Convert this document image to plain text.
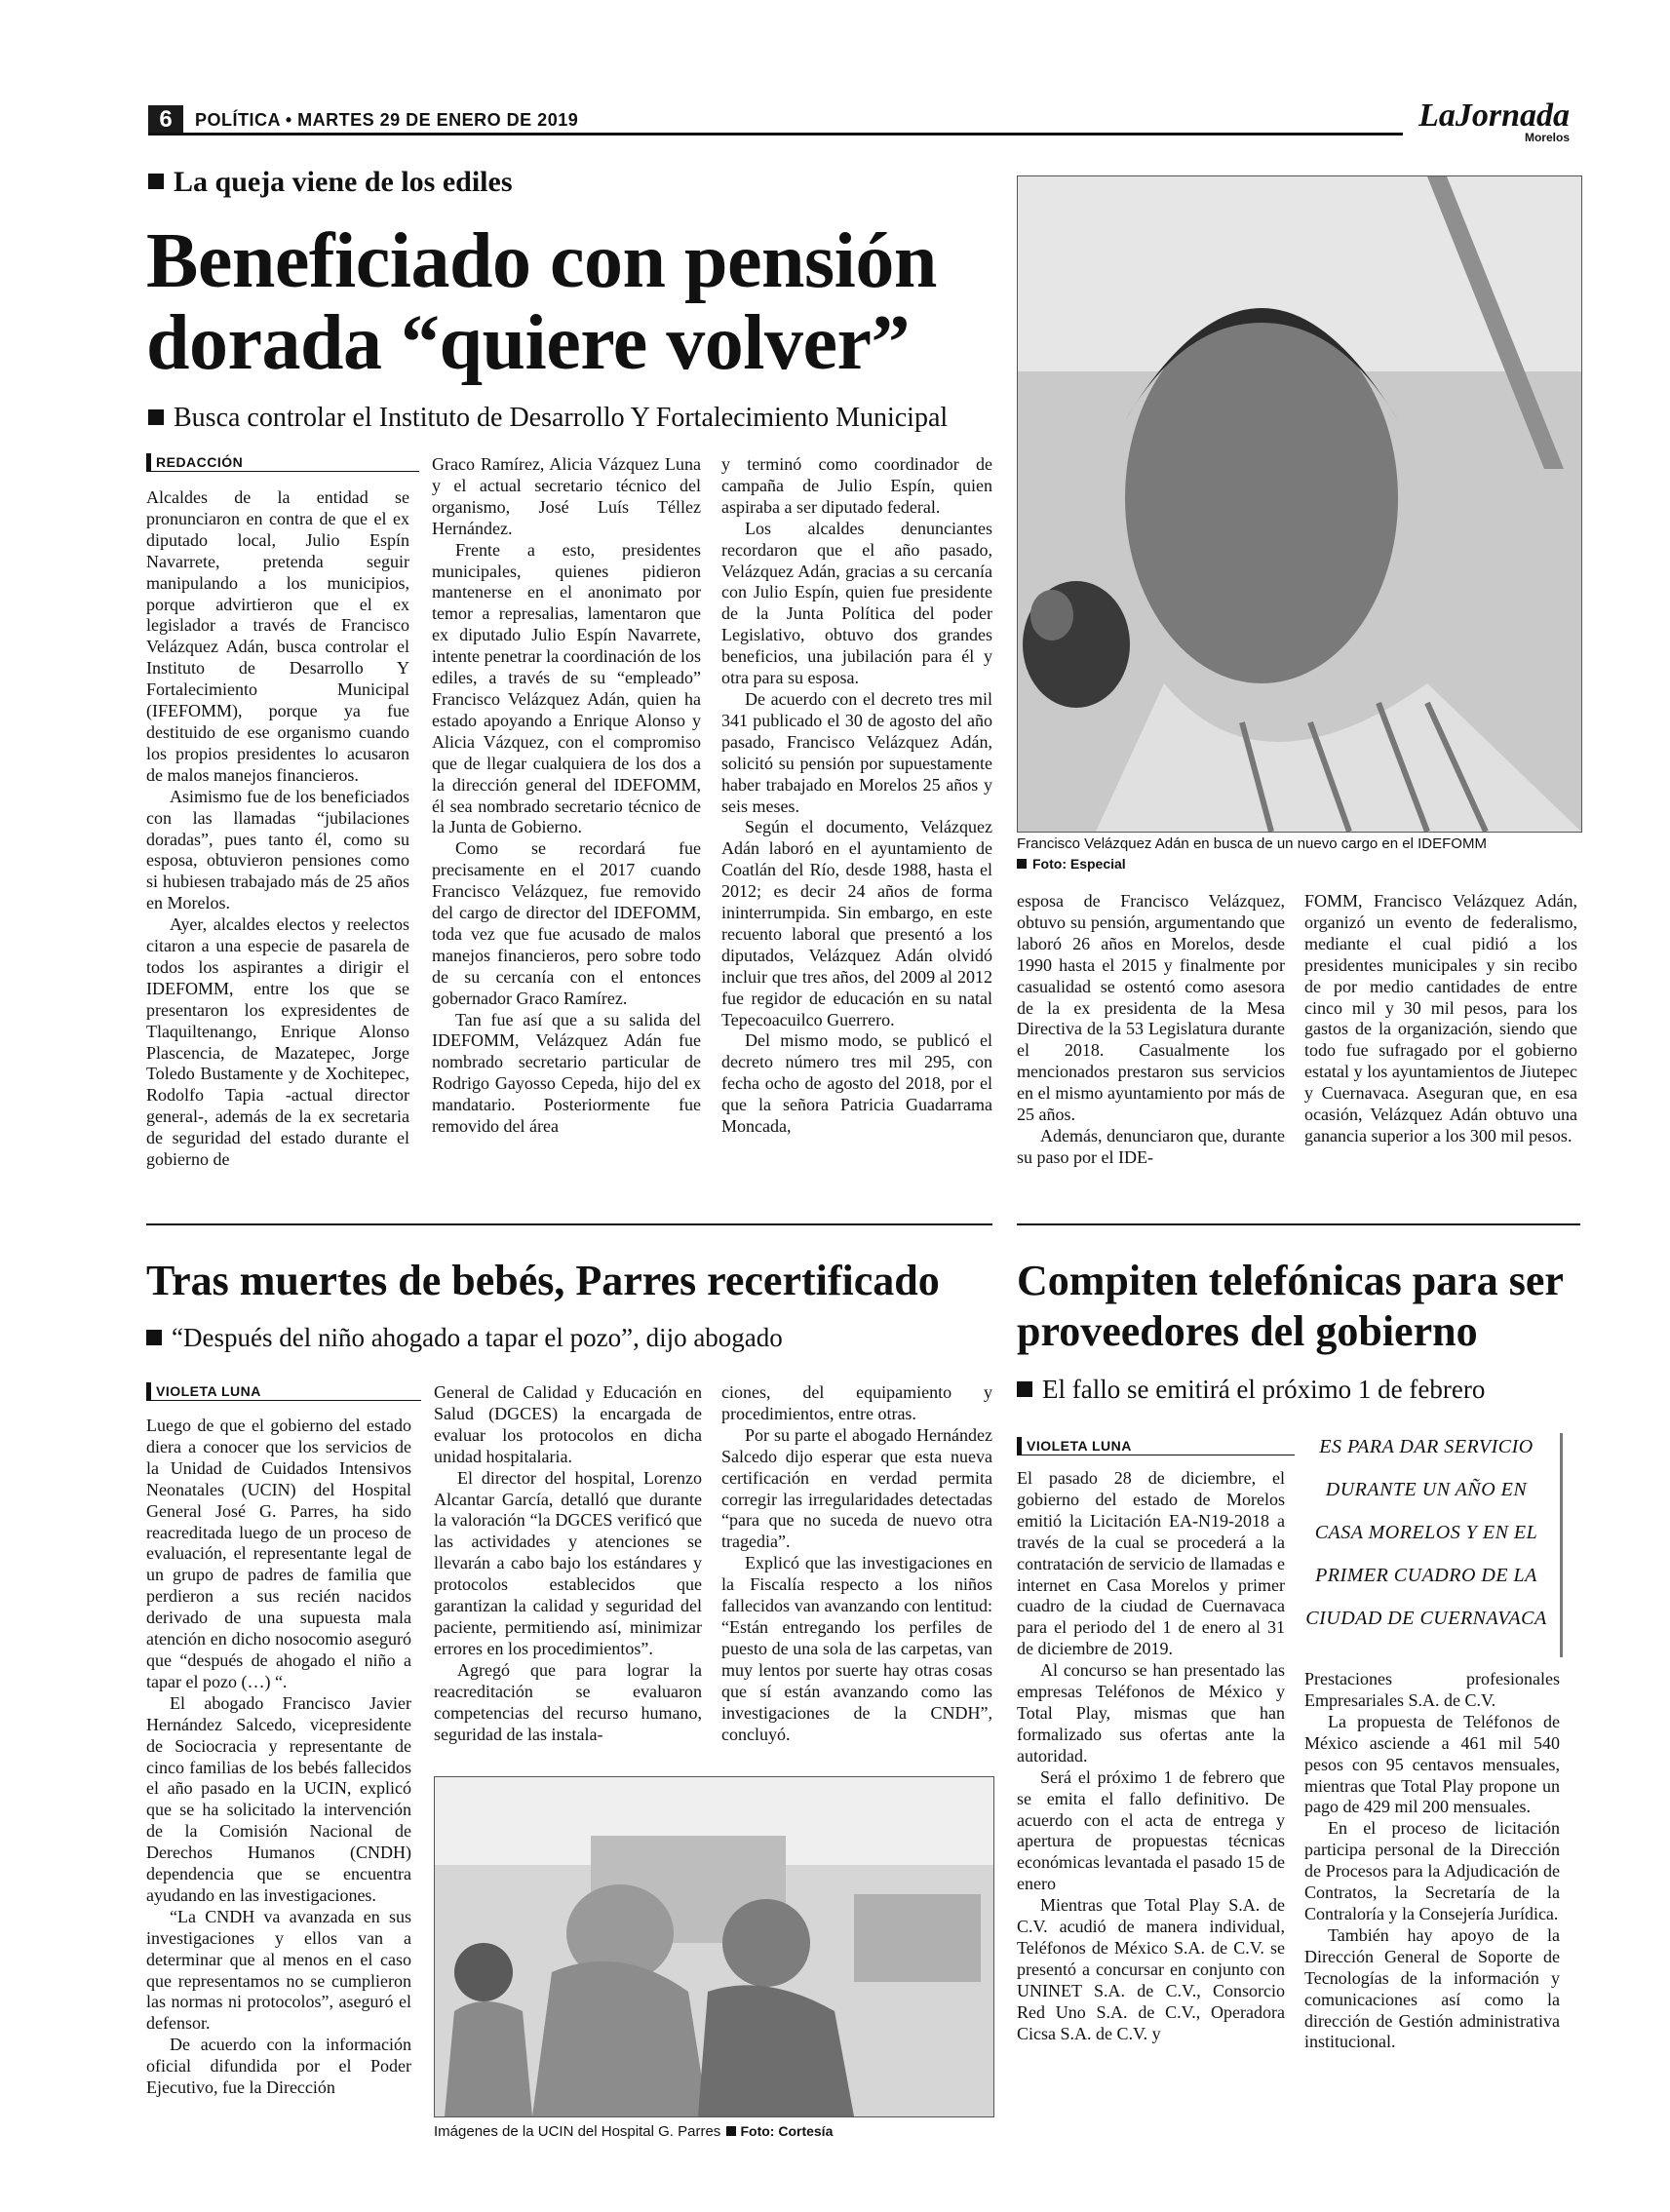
6	POLÍTICA • MARTES 29 DE ENERO DE 2019	LaJornada
Morelos
La queja viene de los ediles
Beneficiado con pensión dorada “quiere volver”
Busca controlar el Instituto de Desarrollo Y Fortalecimiento Municipal
Francisco Velázquez Adán en busca de un nuevo cargo en el IDEFOMM
Foto: Especial
REDACCIÓN

Alcaldes de la entidad se pronunciaron en contra de que el ex diputado local, Julio Espín Navarrete, pretenda seguir manipulando a los municipios, porque advirtieron que el ex legislador a través de Francisco Velázquez Adán, busca controlar el Instituto de Desarrollo Y Fortalecimiento Municipal (IFEFOMM), porque ya fue destituido de ese organismo cuando los propios presidentes lo acusaron de malos manejos financieros.

Asimismo fue de los beneficiados con las llamadas “jubilaciones doradas”, pues tanto él, como su esposa, obtuvieron pensiones como si hubiesen trabajado más de 25 años en Morelos.

Ayer, alcaldes electos y reelectos citaron a una especie de pasarela de todos los aspirantes a dirigir el IDEFOMM, entre los que se presentaron los expresidentes de Tlaquiltenango, Enrique Alonso Plascencia, de Mazatepec, Jorge Toledo Bustamente y de Xochitepec, Rodolfo Tapia -actual director general-, además de la ex secretaria de seguridad del estado durante el gobierno de

Graco Ramírez, Alicia Vázquez Luna y el actual secretario técnico del organismo, José Luís Téllez Hernández.

Frente a esto, presidentes municipales, quienes pidieron mantenerse en el anonimato por temor a represalias, lamentaron que ex diputado Julio Espín Navarrete, intente penetrar la coordinación de los ediles, a través de su “empleado” Francisco Velázquez Adán, quien ha estado apoyando a Enrique Alonso y Alicia Vázquez, con el compromiso que de llegar cualquiera de los dos a la dirección general del IDEFOMM, él sea nombrado secretario técnico de la Junta de Gobierno.

Como se recordará fue precisamente en el 2017 cuando Francisco Velázquez, fue removido del cargo de director del IDEFOMM, toda vez que fue acusado de malos manejos financieros, pero sobre todo de su cercanía con el entonces gobernador Graco Ramírez.

Tan fue así que a su salida del IDEFOMM, Velázquez Adán fue nombrado secretario particular de Rodrigo Gayosso Cepeda, hijo del ex mandatario. Posteriormente fue removido del área

y terminó como coordinador de campaña de Julio Espín, quien aspiraba a ser diputado federal.

Los alcaldes denunciantes recordaron que el año pasado, Velázquez Adán, gracias a su cercanía con Julio Espín, quien fue presidente de la Junta Política del poder Legislativo, obtuvo dos grandes beneficios, una jubilación para él y otra para su esposa.

De acuerdo con el decreto tres mil 341 publicado el 30 de agosto del año pasado, Francisco Velázquez Adán, solicitó su pensión por supuestamente haber trabajado en Morelos 25 años y seis meses.

Según el documento, Velázquez Adán laboró en el ayuntamiento de Coatlán del Río, desde 1988, hasta el 2012; es decir 24 años de forma ininterrumpida. Sin embargo, en este recuento laboral que presentó a los diputados, Velázquez Adán olvidó incluir que tres años, del 2009 al 2012 fue regidor de educación en su natal Tepecoacuilco Guerrero.

Del mismo modo, se publicó el decreto número tres mil 295, con fecha ocho de agosto del 2018, por el que la señora Patricia Guadarrama Moncada,

esposa de Francisco Velázquez, obtuvo su pensión, argumentando que laboró 26 años en Morelos, desde 1990 hasta el 2015 y finalmente por casualidad se ostentó como asesora de la ex presidenta de la Mesa Directiva de la 53 Legislatura durante el 2018. Casualmente los mencionados prestaron sus servicios en el mismo ayuntamiento por más de 25 años.

Además, denunciaron que, durante su paso por el IDE-

FOMM, Francisco Velázquez Adán, organizó un evento de federalismo, mediante el cual pidió a los presidentes municipales y sin recibo de por medio cantidades de entre cinco mil y 30 mil pesos, para los gastos de la organización, siendo que todo fue sufragado por el gobierno estatal y los ayuntamientos de Jiutepec y Cuernavaca. Aseguran que, en esa ocasión, Velázquez Adán obtuvo una ganancia superior a los 300 mil pesos.

Tras muertes de bebés, Parres recertificado
“Después del niño ahogado a tapar el pozo”, dijo abogado
VIOLETA LUNA

Luego de que el gobierno del estado diera a conocer que los servicios de la Unidad de Cuidados Intensivos Neonatales (UCIN) del Hospital General José G. Parres, ha sido reacreditada luego de un proceso de evaluación, el representante legal de un grupo de padres de familia que perdieron a sus recién nacidos derivado de una supuesta mala atención en dicho nosocomio aseguró que “después de ahogado el niño a tapar el pozo (…) “.

El abogado Francisco Javier Hernández Salcedo, vicepresidente de Sociocracia y representante de cinco familias de los bebés fallecidos el año pasado en la UCIN, explicó que se ha solicitado la intervención de la Comisión Nacional de Derechos Humanos (CNDH) dependencia que se encuentra ayudando en las investigaciones.

“La CNDH va avanzada en sus investigaciones y ellos van a determinar que al menos en el caso que representamos no se cumplieron las normas ni protocolos”, aseguró el defensor.

De acuerdo con la información oficial difundida por el Poder Ejecutivo, fue la Dirección

General de Calidad y Educación en Salud (DGCES) la encargada de evaluar los protocolos en dicha unidad hospitalaria.

El director del hospital, Lorenzo Alcantar García, detalló que durante la valoración “la DGCES verificó que las actividades y atenciones se llevarán a cabo bajo los estándares y protocolos establecidos que garantizan la calidad y seguridad del paciente, permitiendo así, minimizar errores en los procedimientos”.

Agregó que para lograr la reacreditación se evaluaron competencias del recurso humano, seguridad de las instala-

ciones, del equipamiento y procedimientos, entre otras.

Por su parte el abogado Hernández Salcedo dijo esperar que esta nueva certificación en verdad permita corregir las irregularidades detectadas “para que no suceda de nuevo otra tragedia”.

Explicó que las investigaciones en la Fiscalía respecto a los niños fallecidos van avanzando con lentitud: “Están entregando los perfiles de puesto de una sola de las carpetas, van muy lentos por suerte hay otras cosas que sí están avanzando como las investigaciones de la CNDH”, concluyó.

Imágenes de la UCIN del Hospital G. Parres Foto: Cortesía
Compiten telefónicas para ser proveedores del gobierno
El fallo se emitirá el próximo 1 de febrero
VIOLETA LUNA	ES PARA DAR SERVICIO
DURANTE UN AÑO EN
CASA MORELOS Y EN EL
PRIMER CUADRO DE LA
CIUDAD DE CUERNAVACA

El pasado 28 de diciembre, el gobierno del estado de Morelos emitió la Licitación EA-N19-2018 a través de la cual se procederá a la contratación de servicio de llamadas e internet en Casa Morelos y primer cuadro de la ciudad de Cuernavaca para el periodo del 1 de enero al 31 de diciembre de 2019.

Al concurso se han presentado las empresas Teléfonos de México y Total Play, mismas que han formalizado sus ofertas ante la autoridad.

Será el próximo 1 de febrero que se emita el fallo definitivo. De acuerdo con el acta de entrega y apertura de propuestas técnicas económicas levantada el pasado 15 de enero

Mientras que Total Play S.A. de C.V. acudió de manera individual, Teléfonos de México S.A. de C.V. se presentó a concursar en conjunto con UNINET S.A. de C.V., Consorcio Red Uno S.A. de C.V., Operadora Cicsa S.A. de C.V. y

Prestaciones profesionales Empresariales S.A. de C.V.

La propuesta de Teléfonos de México asciende a 461 mil 540 pesos con 95 centavos mensuales, mientras que Total Play propone un pago de 429 mil 200 mensuales.

En el proceso de licitación participa personal de la Dirección de Procesos para la Adjudicación de Contratos, la Secretaría de la Contraloría y la Consejería Jurídica.

También hay apoyo de la Dirección General de Soporte de Tecnologías de la información y comunicaciones así como la dirección de Gestión administrativa institucional.
